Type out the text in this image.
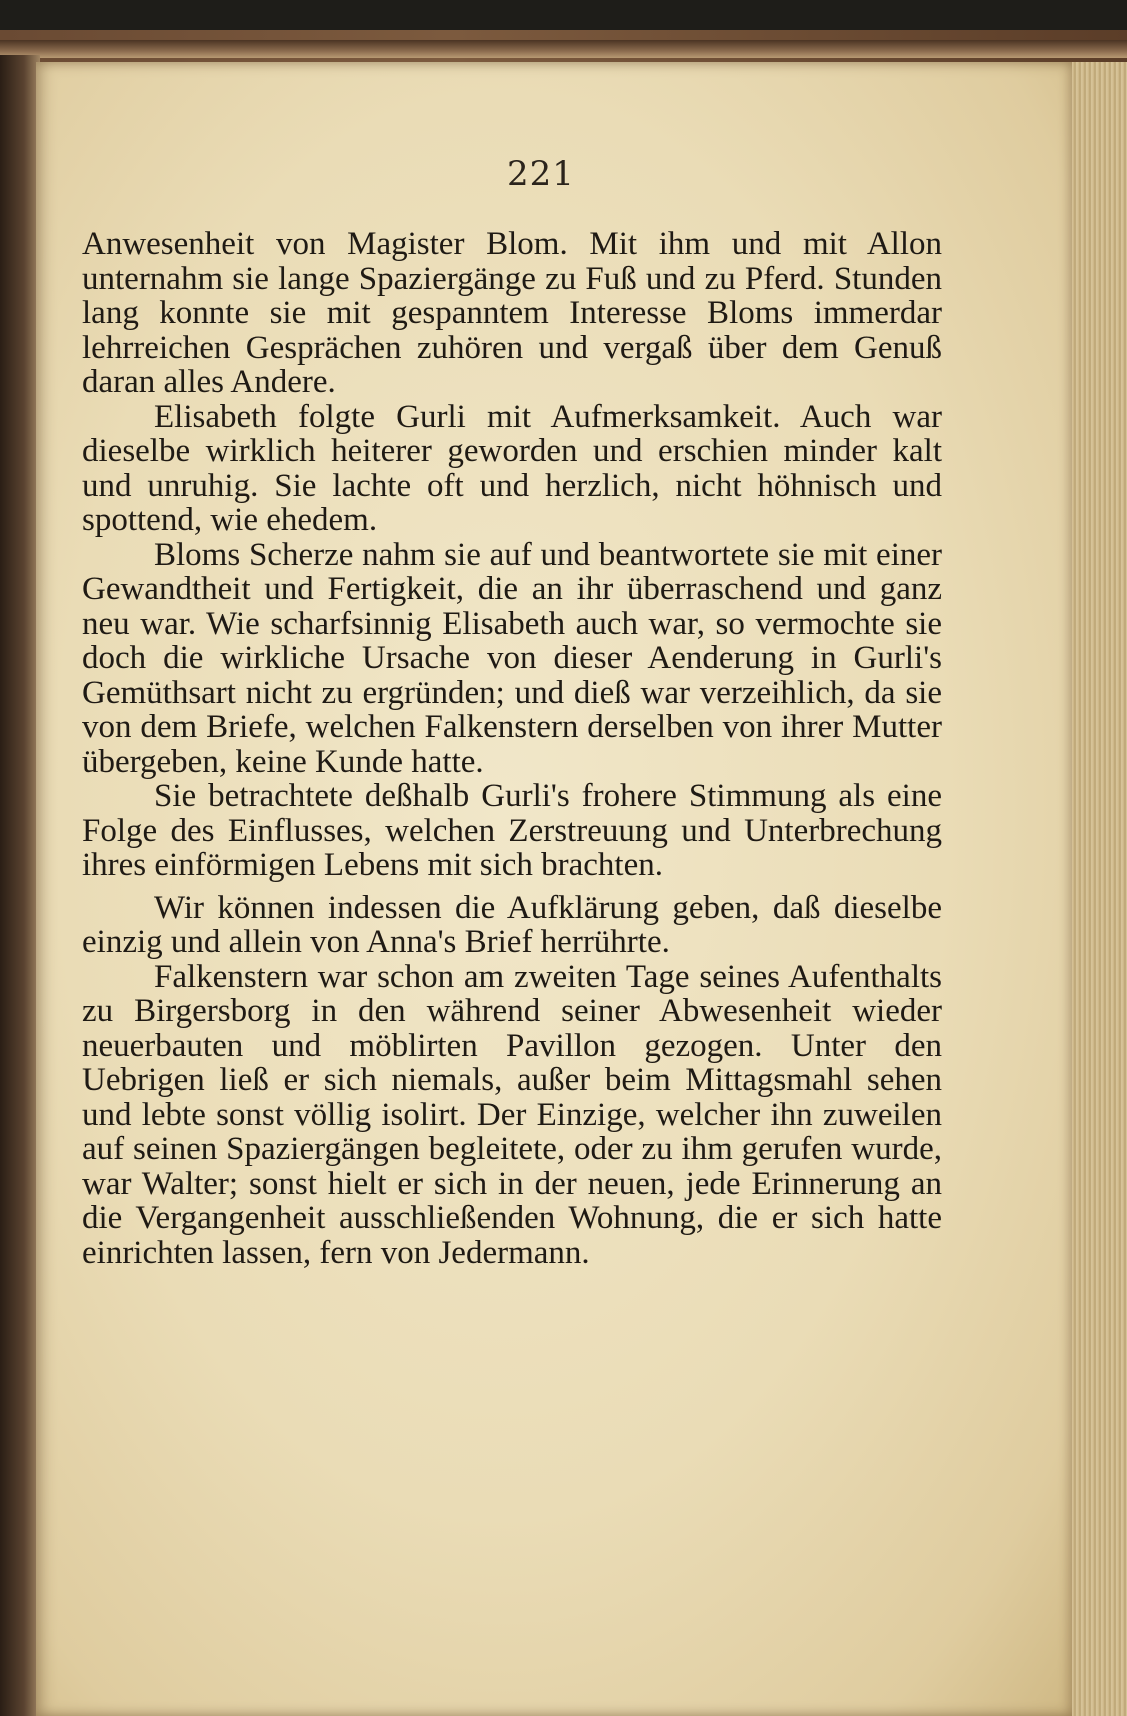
221

Anwesenheit von Magister Blom. Mit ihm und mit Allon unternahm sie lange Spaziergänge zu Fuß und zu Pferd. Stunden lang konnte sie mit gespanntem Interesse Bloms immerdar lehrreichen Gesprächen zuhören und vergaß über dem Genuß daran alles Andere.

Elisabeth folgte Gurli mit Aufmerksamkeit. Auch war dieselbe wirklich heiterer geworden und erschien minder kalt und unruhig. Sie lachte oft und herzlich, nicht höhnisch und spottend, wie ehedem.

Bloms Scherze nahm sie auf und beantwortete sie mit einer Gewandtheit und Fertigkeit, die an ihr überraschend und ganz neu war. Wie scharfsinnig Elisabeth auch war, so vermochte sie doch die wirkliche Ursache von dieser Aenderung in Gurli's Gemüthsart nicht zu ergründen; und dieß war verzeihlich, da sie von dem Briefe, welchen Falkenstern derselben von ihrer Mutter übergeben, keine Kunde hatte.

Sie betrachtete deßhalb Gurli's frohere Stimmung als eine Folge des Einflusses, welchen Zerstreuung und Unterbrechung ihres einförmigen Lebens mit sich brachten.

Wir können indessen die Aufklärung geben, daß dieselbe einzig und allein von Anna's Brief herrührte.

Falkenstern war schon am zweiten Tage seines Aufenthalts zu Birgersborg in den während seiner Abwesenheit wieder neuerbauten und möblirten Pavillon gezogen. Unter den Uebrigen ließ er sich niemals, außer beim Mittagsmahl sehen und lebte sonst völlig isolirt. Der Einzige, welcher ihn zuweilen auf seinen Spaziergängen begleitete, oder zu ihm gerufen wurde, war Walter; sonst hielt er sich in der neuen, jede Erinnerung an die Vergangenheit ausschließenden Wohnung, die er sich hatte einrichten lassen, fern von Jedermann.
